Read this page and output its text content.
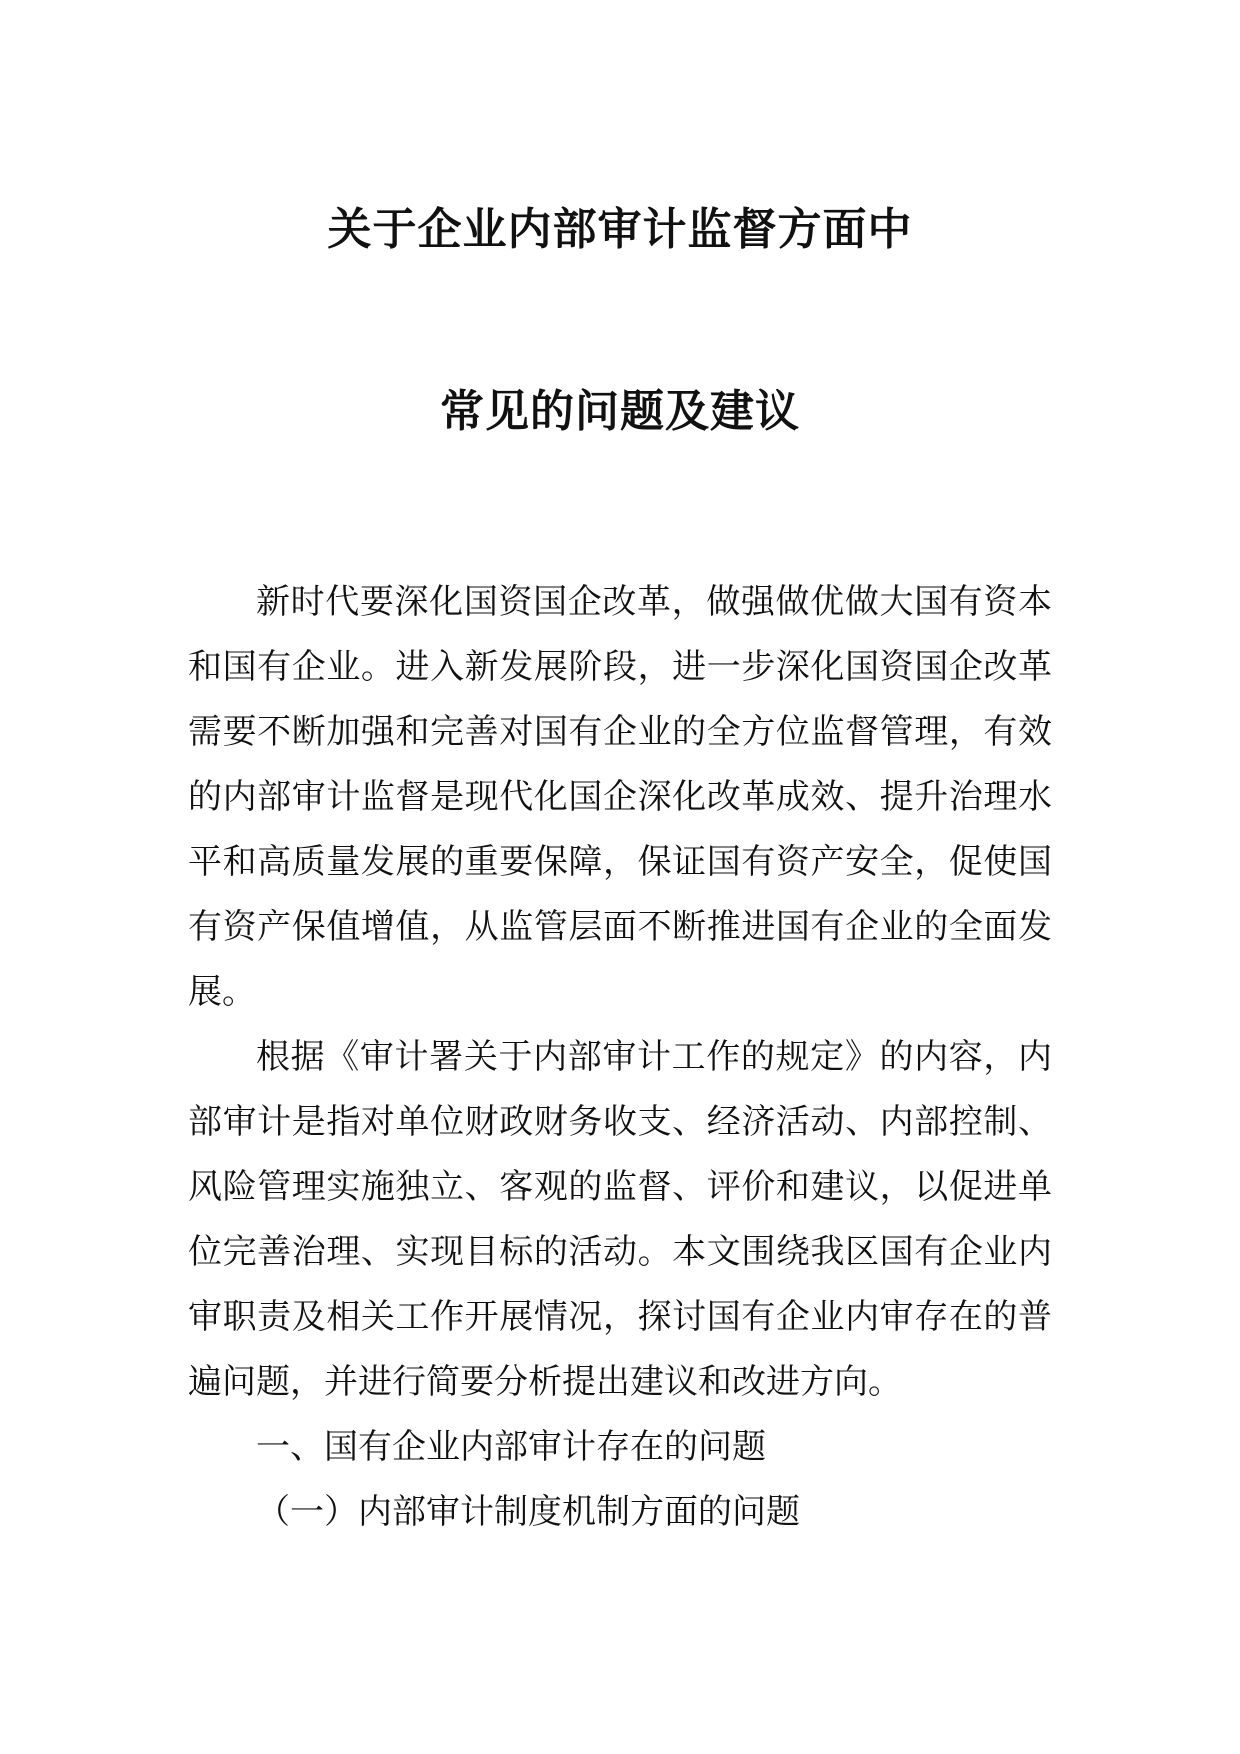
关于企业内部审计监督方面中
常见的问题及建议

新时代要深化国资国企改革，做强做优做大国有资本和国有企业。进入新发展阶段，进一步深化国资国企改革需要不断加强和完善对国有企业的全方位监督管理，有效的内部审计监督是现代化国企深化改革成效、提升治理水平和高质量发展的重要保障，保证国有资产安全，促使国有资产保值增值，从监管层面不断推进国有企业的全面发展。

根据《审计署关于内部审计工作的规定》的内容，内部审计是指对单位财政财务收支、经济活动、内部控制、风险管理实施独立、客观的监督、评价和建议，以促进单位完善治理、实现目标的活动。本文围绕我区国有企业内审职责及相关工作开展情况，探讨国有企业内审存在的普遍问题，并进行简要分析提出建议和改进方向。

一、国有企业内部审计存在的问题

（一）内部审计制度机制方面的问题
